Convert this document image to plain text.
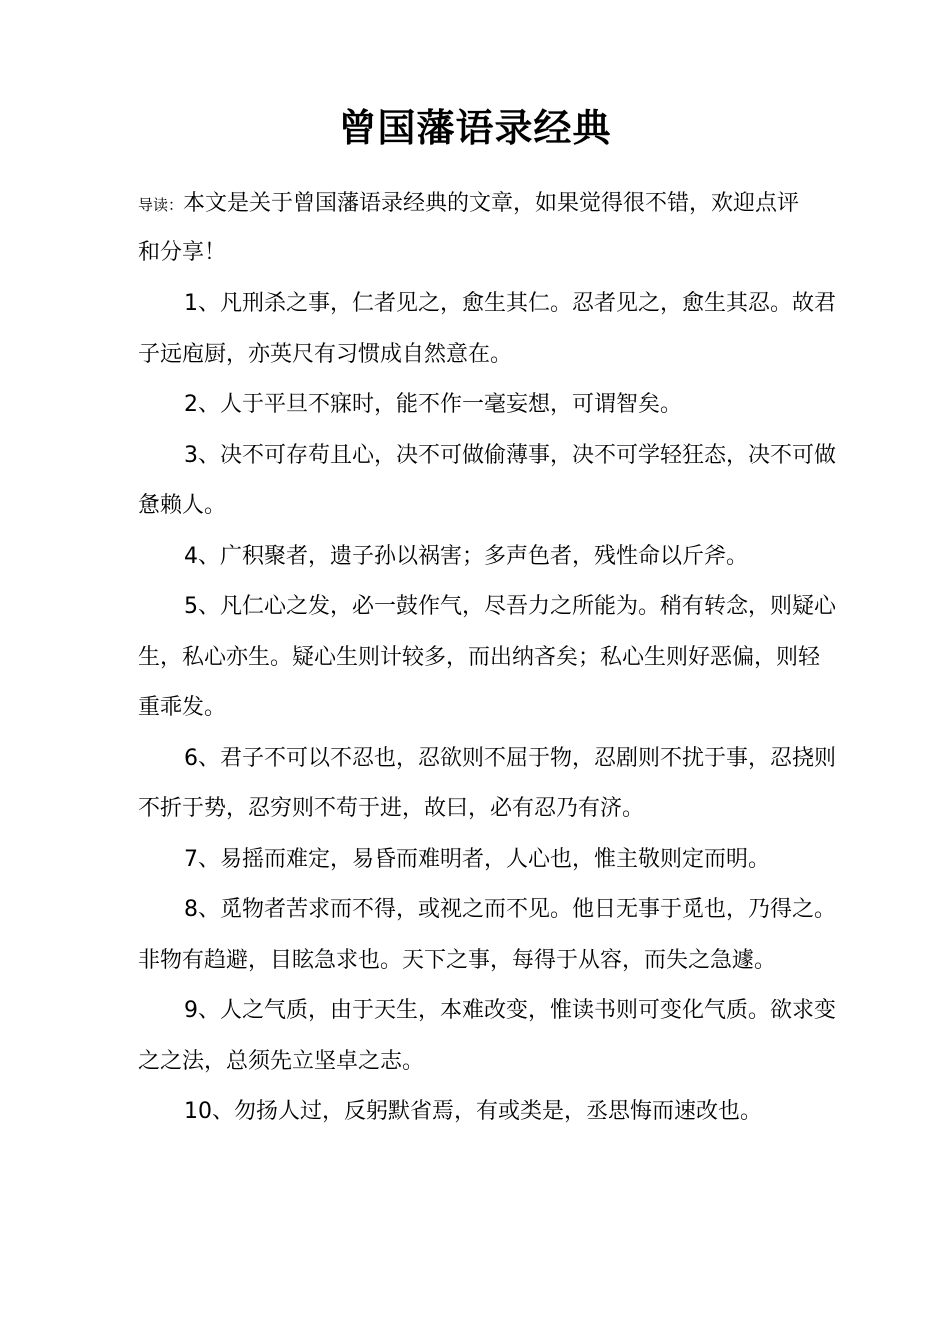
曾国藩语录经典

导读：本文是关于曾国藩语录经典的文章，如果觉得很不错，欢迎点评和分享！

1、凡刑杀之事，仁者见之，愈生其仁。忍者见之，愈生其忍。故君子远庖厨，亦英尺有习惯成自然意在。
2、人于平旦不寐时，能不作一毫妄想，可谓智矣。
3、决不可存苟且心，决不可做偷薄事，决不可学轻狂态，决不可做惫赖人。
4、广积聚者，遗子孙以祸害；多声色者，残性命以斤斧。
5、凡仁心之发，必一鼓作气，尽吾力之所能为。稍有转念，则疑心生，私心亦生。疑心生则计较多，而出纳吝矣；私心生则好恶偏，则轻重乖发。
6、君子不可以不忍也，忍欲则不屈于物，忍剧则不扰于事，忍挠则不折于势，忍穷则不苟于进，故曰，必有忍乃有济。
7、易摇而难定，易昏而难明者，人心也，惟主敬则定而明。
8、觅物者苦求而不得，或视之而不见。他日无事于觅也，乃得之。非物有趋避，目眩急求也。天下之事，每得于从容，而失之急遽。
9、人之气质，由于天生，本难改变，惟读书则可变化气质。欲求变之之法，总须先立坚卓之志。
10、勿扬人过，反躬默省焉，有或类是，丞思悔而速改也。
